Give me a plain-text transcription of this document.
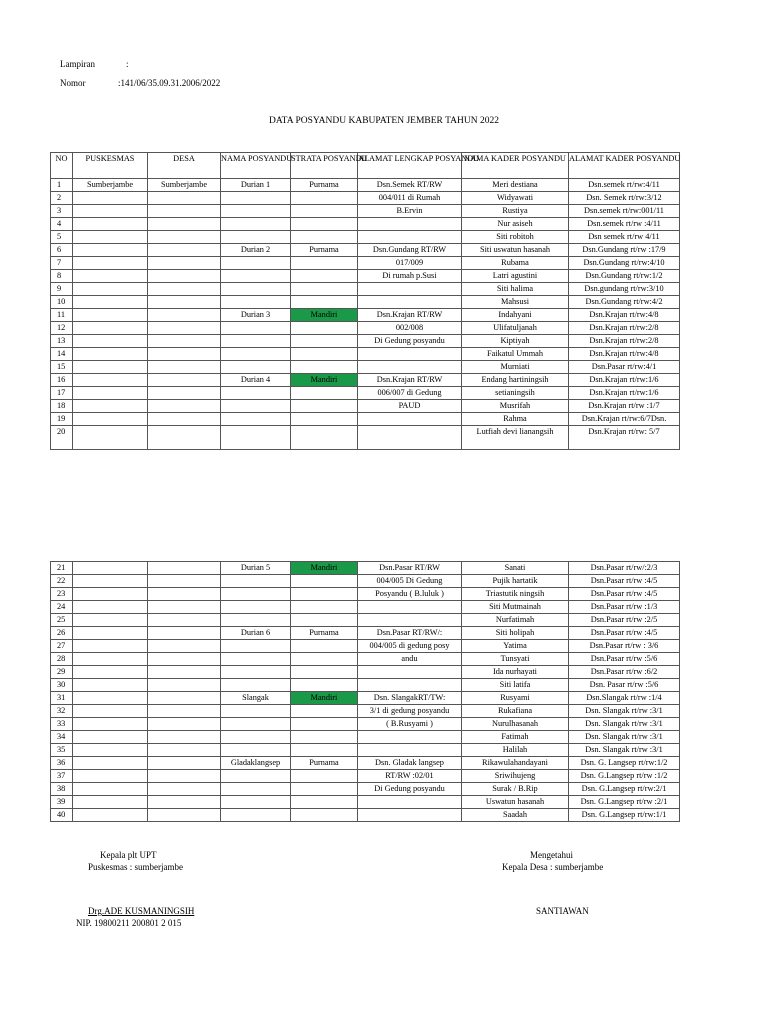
Lampiran	:
Nomor	:141/06/35.09.31.2006/2022
DATA POSYANDU KABUPATEN JEMBER TAHUN 2022
NO	PUSKESMAS	DESA	NAMA POSYANDU	STRATA POSYANDU	ALAMAT LENGKAP POSYANDU	NAMA KADER POSYANDU	ALAMAT KADER POSYANDU
1	Sumberjambe	Sumberjambe	Durian 1	Purnama	Dsn.Semek RT/RW	Meri destiana	Dsn.semek rt/rw:4/11
2					004/011 di Rumah	Widyawati	Dsn. Semek rt/rw:3/12
3					B.Ervin	Rustiya	Dsn.semek rt/rw:001/11
4						Nur asiseh	Dsn.semek rt/rw :4/11
5						Siti robitoh	Dsn semek rt/rw 4/11
6			Durian 2	Purnama	Dsn.Gundang RT/RW	Siti uswatun hasanah	Dsn.Gundang rt/rw :17/9
7					017/009	Rubama	Dsn.Gundang rt/rw:4/10
8					Di rumah p.Susi	Latri agustini	Dsn.Gundang rt/rw:1/2
9						Siti halima	Dsn.gundang rt/rw:3/10
10						Mahsusi	Dsn.Gundang rt/rw:4/2
11			Durian 3	Mandiri	Dsn.Krajan RT/RW	Indahyani	Dsn.Krajan rt/rw:4/8
12					002/008	Ulifatuljanah	Dsn.Krajan rt/rw:2/8
13					Di Gedung posyandu	Kiptiyah	Dsn.Krajan rt/rw:2/8
14						Faikatul Ummah	Dsn.Krajan rt/rw:4/8
15						Murniati	Dsn.Pasar rt/rw:4/1
16			Durian 4	Mandiri	Dsn.Krajan RT/RW	Endang hartiningsih	Dsn.Krajan rt/rw:1/6
17					006/007 di Gedung	setianingsih	Dsn.Krajan rt/rw:1/6
18					PAUD	Musrifah	Dsn.Krajan rt/rw :1/7
19						Rahma	Dsn.Krajan rt/rw:6/7Dsn.
20						Lutfiah devi lianangsih	Dsn.Krajan rt/rw: 5/7
21			Durian 5	Mandiri	Dsn.Pasar RT/RW	Sanati	Dsn.Pasar rt/rw/:2/3
22					004/005 Di Gedung	Pujik hartatik	Dsn.Pasar rt/rw :4/5
23					Posyandu ( B.luluk )	Triastutik ningsih	Dsn.Pasar rt/rw :4/5
24						Siti Mutmainah	Dsn.Pasar rt/rw :1/3
25						Nurfatimah	Dsn.Pasar rt/rw :2/5
26			Durian 6	Purnama	Dsn.Pasar RT/RW/:	Siti holipah	Dsn.Pasar rt/rw :4/5
27					004/005 di gedung posy	Yatima	Dsn.Pasar rt/rw : 3/6
28					andu	Tunsyati	Dsn.Pasar rt/rw :5/6
29						Ida nurhayati	Dsn.Pasar rt/rw :6/2
30						Siti latifa	Dsn. Pasar rt/rw :5/6
31			Slangak	Mandiri	Dsn. SlangakRT/TW:	Rusyami	Dsn.Slangak rt/rw :1/4
32					3/1 di gedung posyandu	Rukafiana	Dsn. Slangak rt/rw :3/1
33					( B.Rusyami )	Nurulhasanah	Dsn. Slangak rt/rw :3/1
34						Fatimah	Dsn. Slangak rt/rw :3/1
35						Halilah	Dsn. Slangak rt/rw :3/1
36			Gladaklangsep	Purnama	Dsn. Gladak langsep	Rikawulahandayani	Dsn. G. Langsep rt/rw:1/2
37					RT/RW :02/01	Sriwihujeng	Dsn. G.Langsep rt/rw :1/2
38					Di Gedung posyandu	Surak / B.Rip	Dsn. G.Langsep rt/rw:2/1
39						Uswatun hasanah	Dsn. G.Langsep rt/rw :2/1
40						Saadah	Dsn. G.Langsep rt/rw:1/1
Kepala plt UPT
Puskesmas : sumberjambe
Drg.ADE KUSMANINGSIH
NIP. 19800211 200801 2 015
Mengetahui
Kepala Desa : sumberjambe
SANTIAWAN
